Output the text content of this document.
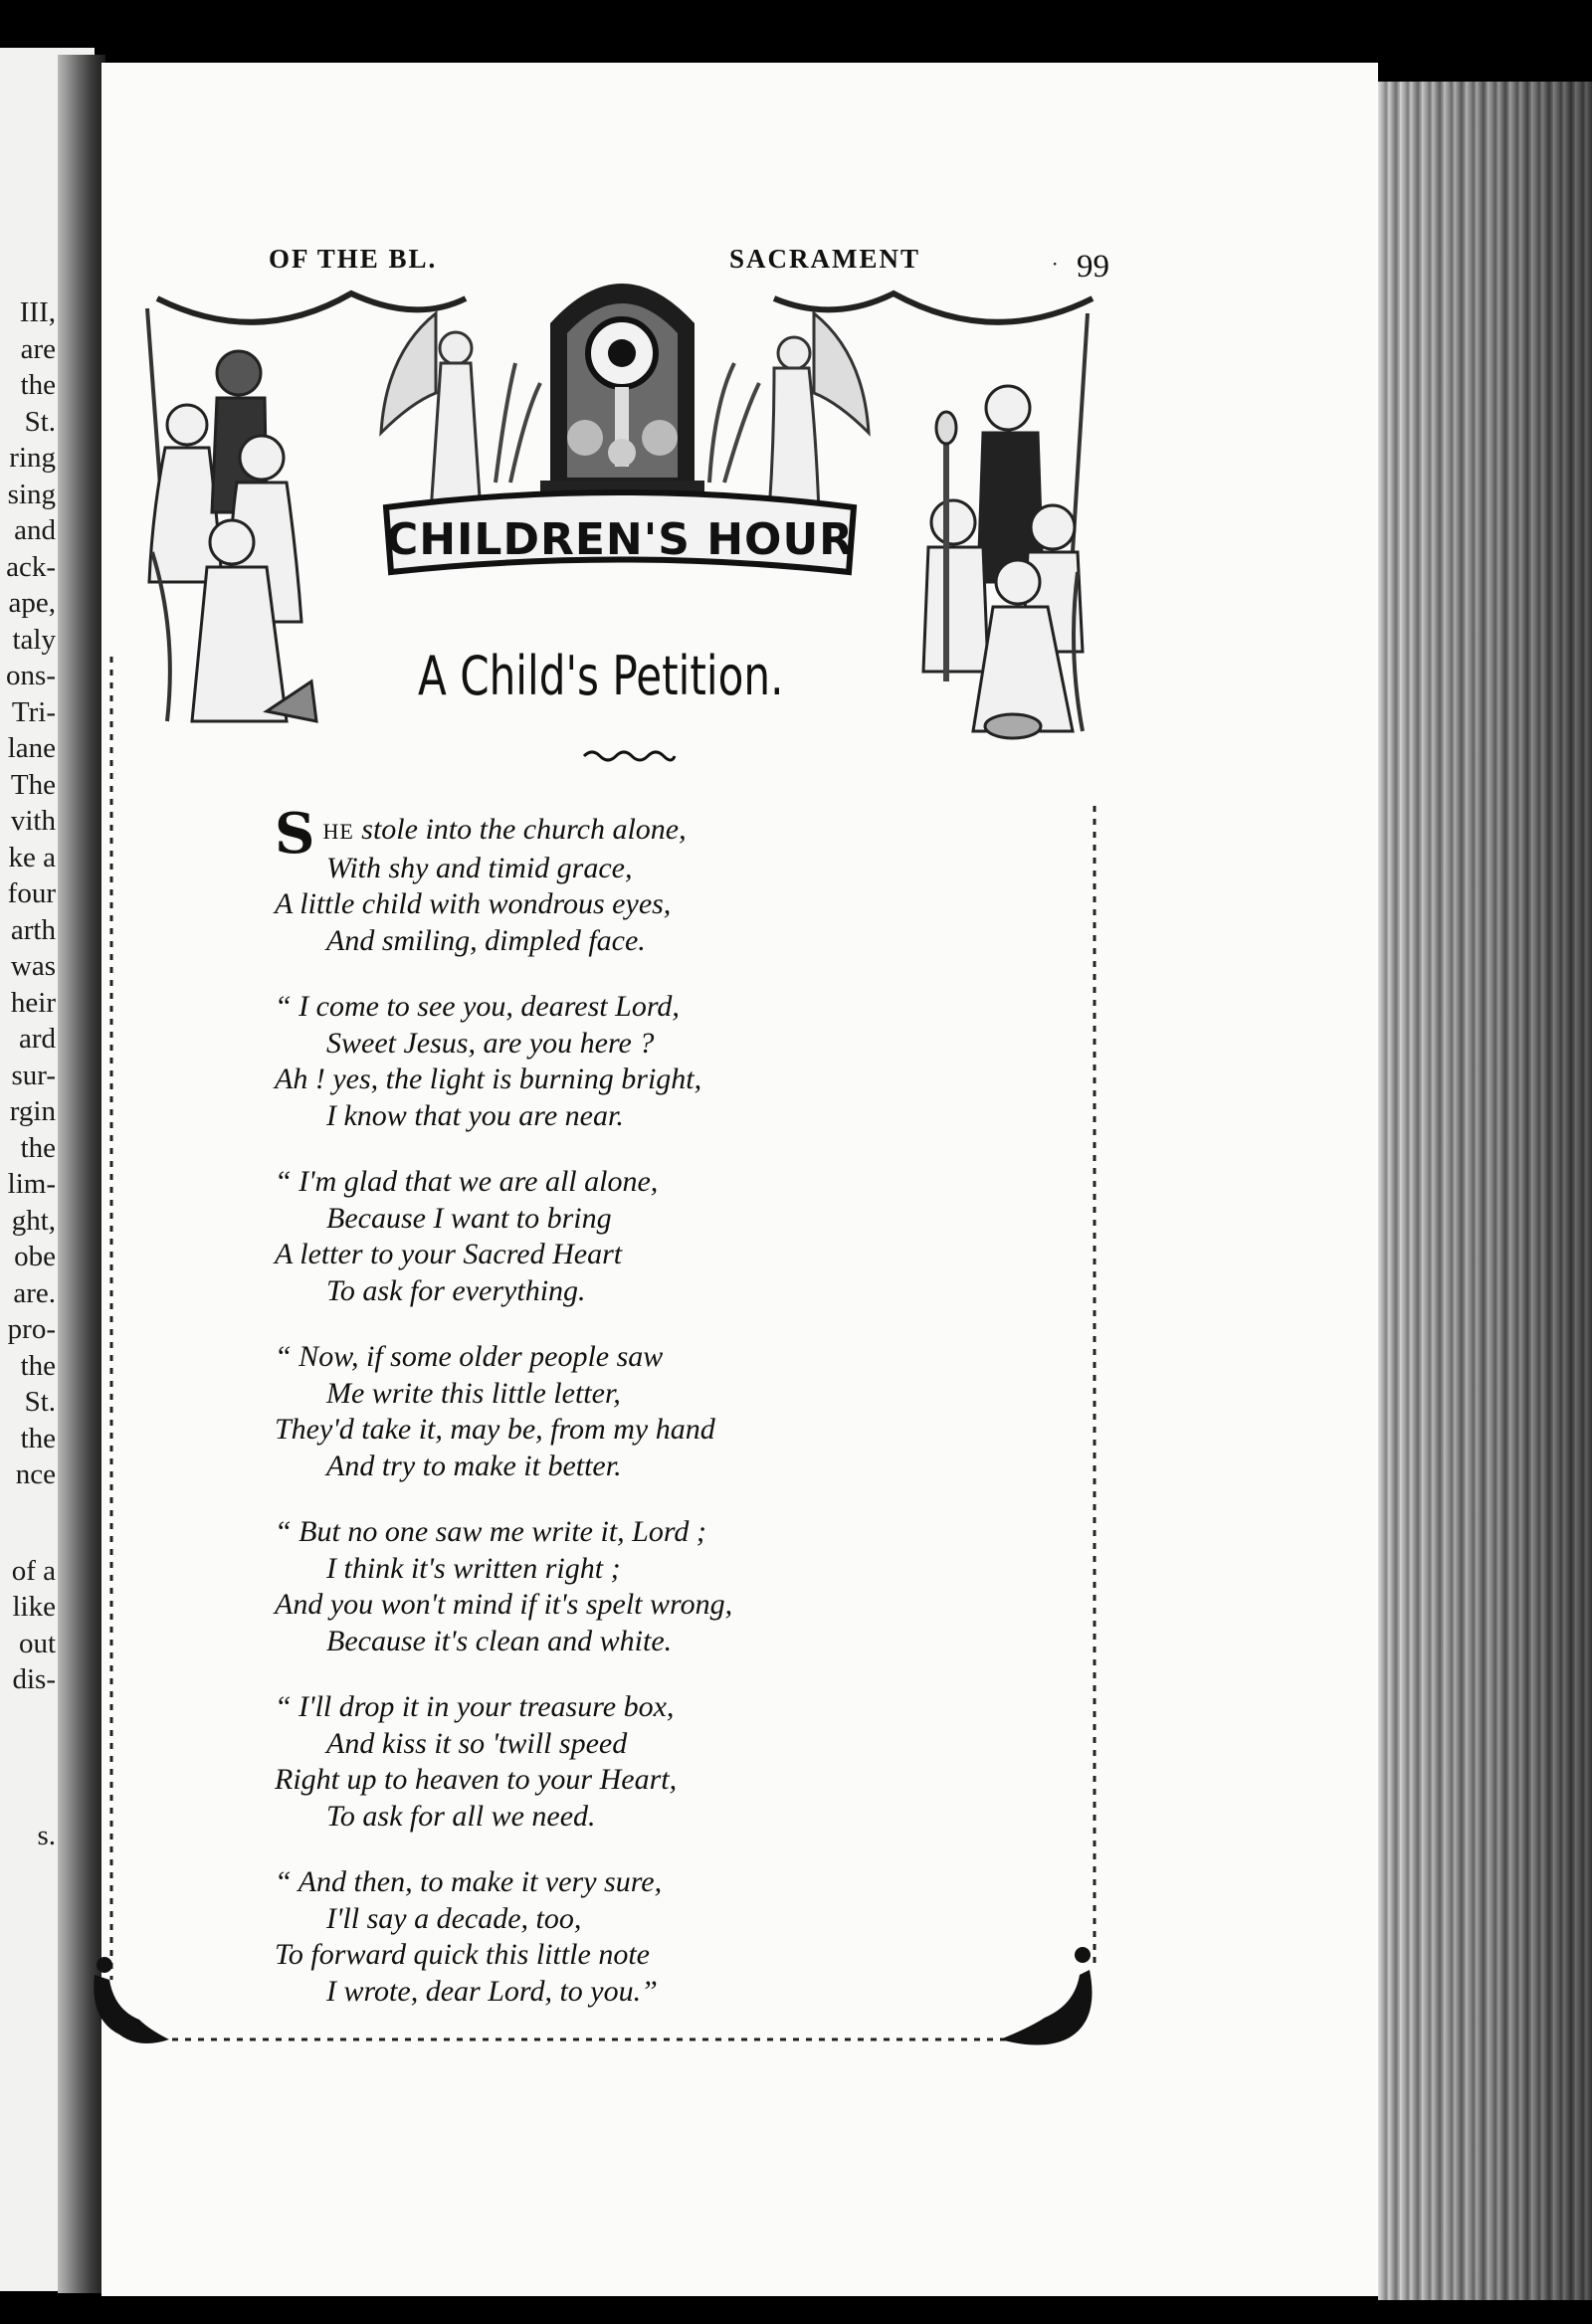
III,
are
the
St.
ring
sing
and
ack-
ape,
taly
ons-
Tri-
lane
The
vith
ke a
four
arth
was
heir
ard
sur-
rgin
the
lim-
ght,
obe
are.
pro-
the
St.
the
nce
of a
like
out
dis-
s.
OF THE BL.	SACRAMENT	· 99
CHILDREN'S HOUR
A Child's Petition.
SHE stole into the church alone,
With shy and timid grace,
A little child with wondrous eyes,
And smiling, dimpled face.
“ I come to see you, dearest Lord,
Sweet Jesus, are you here ?
Ah ! yes, the light is burning bright,
I know that you are near.
“ I'm glad that we are all alone,
Because I want to bring
A letter to your Sacred Heart
To ask for everything.
“ Now, if some older people saw
Me write this little letter,
They'd take it, may be, from my hand
And try to make it better.
“ But no one saw me write it, Lord ;
I think it's written right ;
And you won't mind if it's spelt wrong,
Because it's clean and white.
“ I'll drop it in your treasure box,
And kiss it so 'twill speed
Right up to heaven to your Heart,
To ask for all we need.
“ And then, to make it very sure,
I'll say a decade, too,
To forward quick this little note
I wrote, dear Lord, to you.”
